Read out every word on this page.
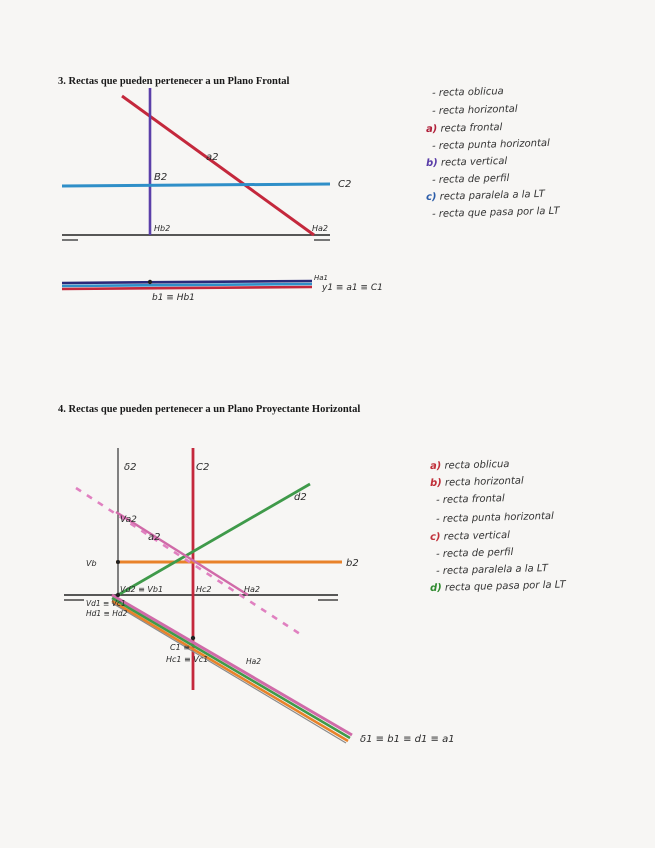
3. Rectas que pueden pertenecer a un Plano Frontal
- recta oblicua
- recta horizontal
a) recta frontal
- recta punta horizontal
b) recta vertical
- recta de perfil
c) recta paralela a la LT
- recta que pasa por la LT
4. Rectas que pueden pertenecer a un Plano Proyectante Horizontal
a) recta oblicua
b) recta horizontal
- recta frontal
- recta punta horizontal
c) recta vertical
- recta de perfil
- recta paralela a la LT
d) recta que pasa por la LT
a2
B2
C2
Hb2	Ha2
b1 ≡ Hb1
Ha1
y1 ≡ a1 ≡ C1
δ2	C2
d2
Va2
a2
Vb	b2
Vd2 ≡ Vb1	Hc2	Ha2
Vd1 ≡ Vc1
Hd1 ≡ Hd2
C1 ≡
Hc1 ≡ Vc1	Ha2
δ1 ≡ b1 ≡ d1 ≡ a1
